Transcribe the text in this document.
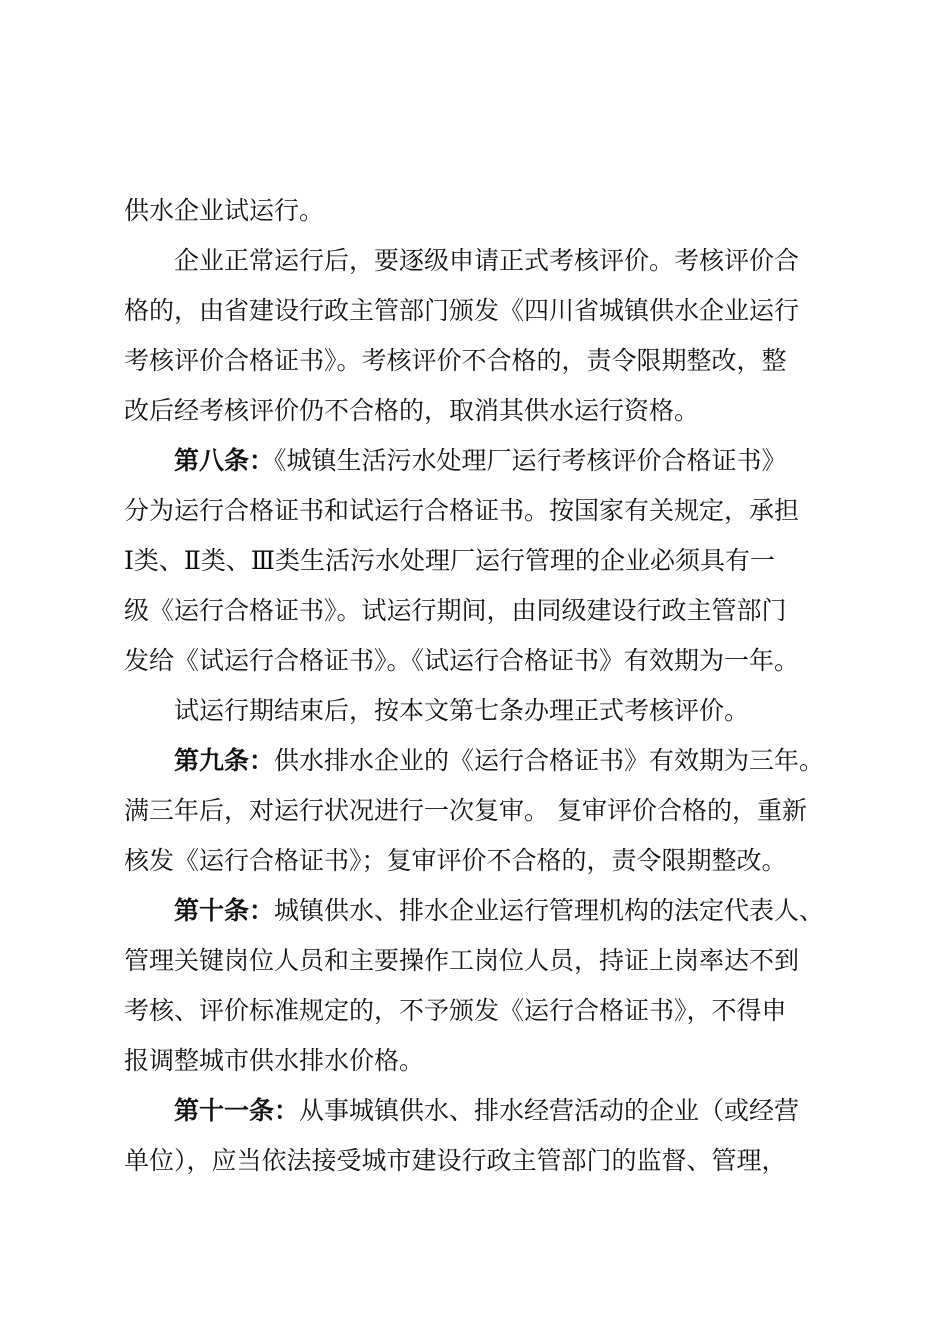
供水企业试运行。
企业正常运行后，要逐级申请正式考核评价。考核评价合
格的，由省建设行政主管部门颁发《四川省城镇供水企业运行
考核评价合格证书》。考核评价不合格的，责令限期整改，整
改后经考核评价仍不合格的，取消其供水运行资格。
第八条：《城镇生活污水处理厂运行考核评价合格证书》
分为运行合格证书和试运行合格证书。按国家有关规定，承担
Ⅰ类、Ⅱ类、Ⅲ类生活污水处理厂运行管理的企业必须具有一
级《运行合格证书》。试运行期间，由同级建设行政主管部门
发给《试运行合格证书》。《试运行合格证书》有效期为一年。
试运行期结束后，按本文第七条办理正式考核评价。
第九条：供水排水企业的《运行合格证书》有效期为三年。
满三年后，对运行状况进行一次复审。 复审评价合格的，重新
核发《运行合格证书》；复审评价不合格的，责令限期整改。
第十条：城镇供水、排水企业运行管理机构的法定代表人、
管理关键岗位人员和主要操作工岗位人员，持证上岗率达不到
考核、评价标准规定的，不予颁发《运行合格证书》，不得申
报调整城市供水排水价格。
第十一条：从事城镇供水、排水经营活动的企业（或经营
单位），应当依法接受城市建设行政主管部门的监督、管理，
